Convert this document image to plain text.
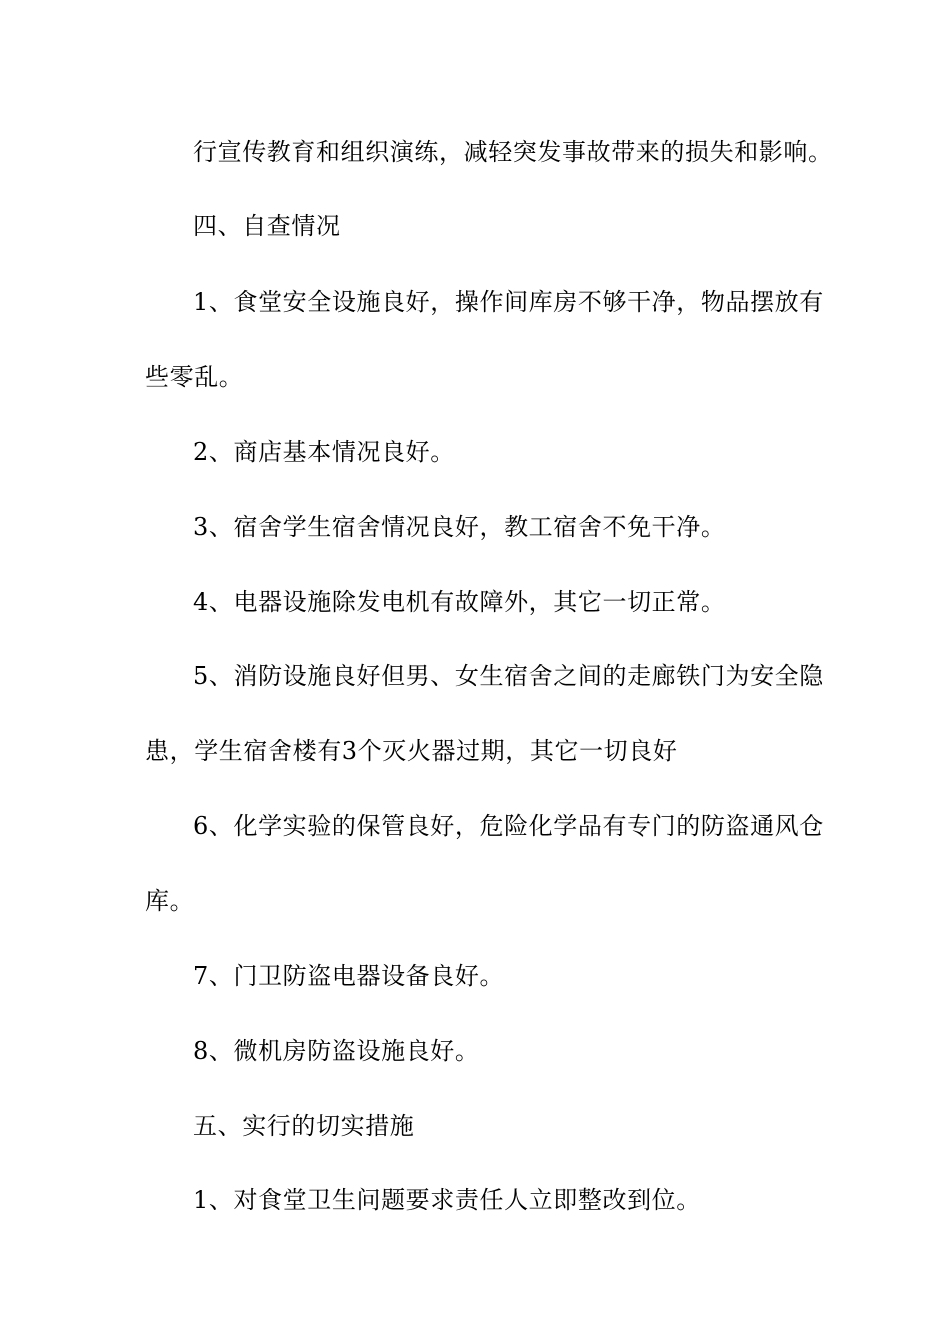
行宣传教育和组织演练，减轻突发事故带来的损失和影响。

四、自查情况

1、食堂安全设施良好，操作间库房不够干净，物品摆放有

些零乱。

2、商店基本情况良好。

3、宿舍学生宿舍情况良好，教工宿舍不免干净。

4、电器设施除发电机有故障外，其它一切正常。

5、消防设施良好但男、女生宿舍之间的走廊铁门为安全隐

患，学生宿舍楼有3个灭火器过期，其它一切良好

6、化学实验的保管良好，危险化学品有专门的防盗通风仓

库。

7、门卫防盗电器设备良好。

8、微机房防盗设施良好。

五、实行的切实措施

1、对食堂卫生问题要求责任人立即整改到位。
